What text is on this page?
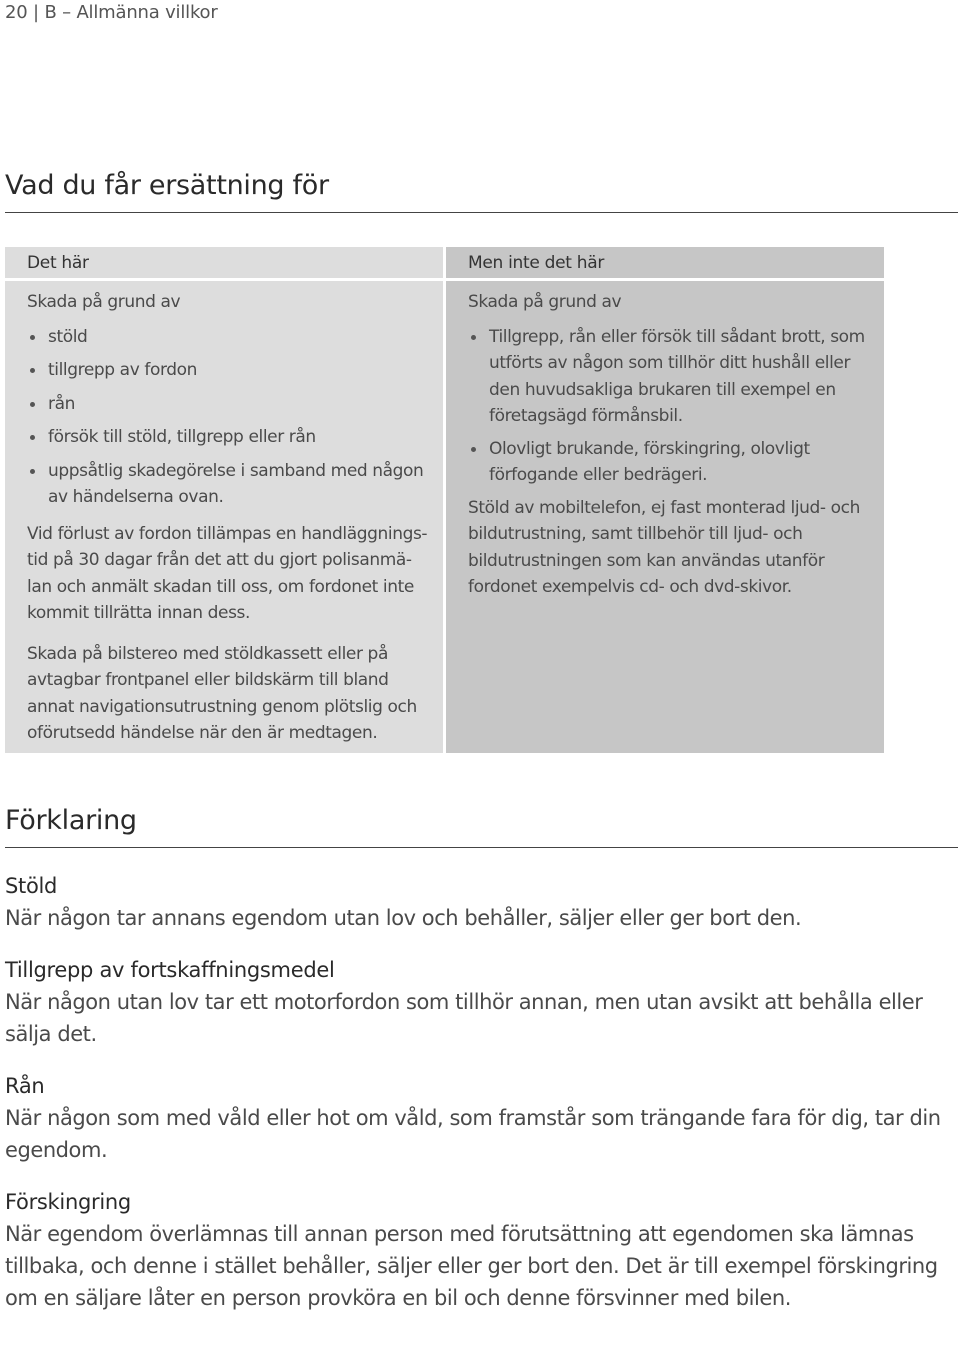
20 | B – Allmänna villkor
Vad du får ersättning för
Det här

Skada på grund av

stöld
tillgrepp av fordon
rån
försök till stöld, tillgrepp eller rån
uppsåtlig skadegörelse i samband med någon av händelserna ovan.

Vid förlust av fordon tillämpas en handläggnings-tid på 30 dagar från det att du gjort polisanmä-lan och anmält skadan till oss, om fordonet inte kommit tillrätta innan dess.

Skada på bilstereo med stöldkassett eller på avtagbar frontpanel eller bildskärm till bland annat navigationsutrustning genom plötslig och oförutsedd händelse när den är medtagen.

Men inte det här

Skada på grund av

Tillgrepp, rån eller försök till sådant brott, som utförts av någon som tillhör ditt hushåll eller den huvudsakliga brukaren till exempel en företagsägd förmånsbil.
Olovligt brukande, förskingring, olovligt förfogande eller bedrägeri.

Stöld av mobiltelefon, ej fast monterad ljud- och bildutrustning, samt tillbehör till ljud- och bildutrustningen som kan användas utanför fordonet exempelvis cd- och dvd-skivor.

Förklaring
Stöld
När någon tar annans egendom utan lov och behåller, säljer eller ger bort den.
Tillgrepp av fortskaffningsmedel
När någon utan lov tar ett motorfordon som tillhör annan, men utan avsikt att behålla eller sälja det.
Rån
När någon som med våld eller hot om våld, som framstår som trängande fara för dig, tar din egendom.
Förskingring
När egendom överlämnas till annan person med förutsättning att egendomen ska lämnas tillbaka, och denne i stället behåller, säljer eller ger bort den. Det är till exempel förskingring om en säljare låter en person provköra en bil och denne försvinner med bilen.
